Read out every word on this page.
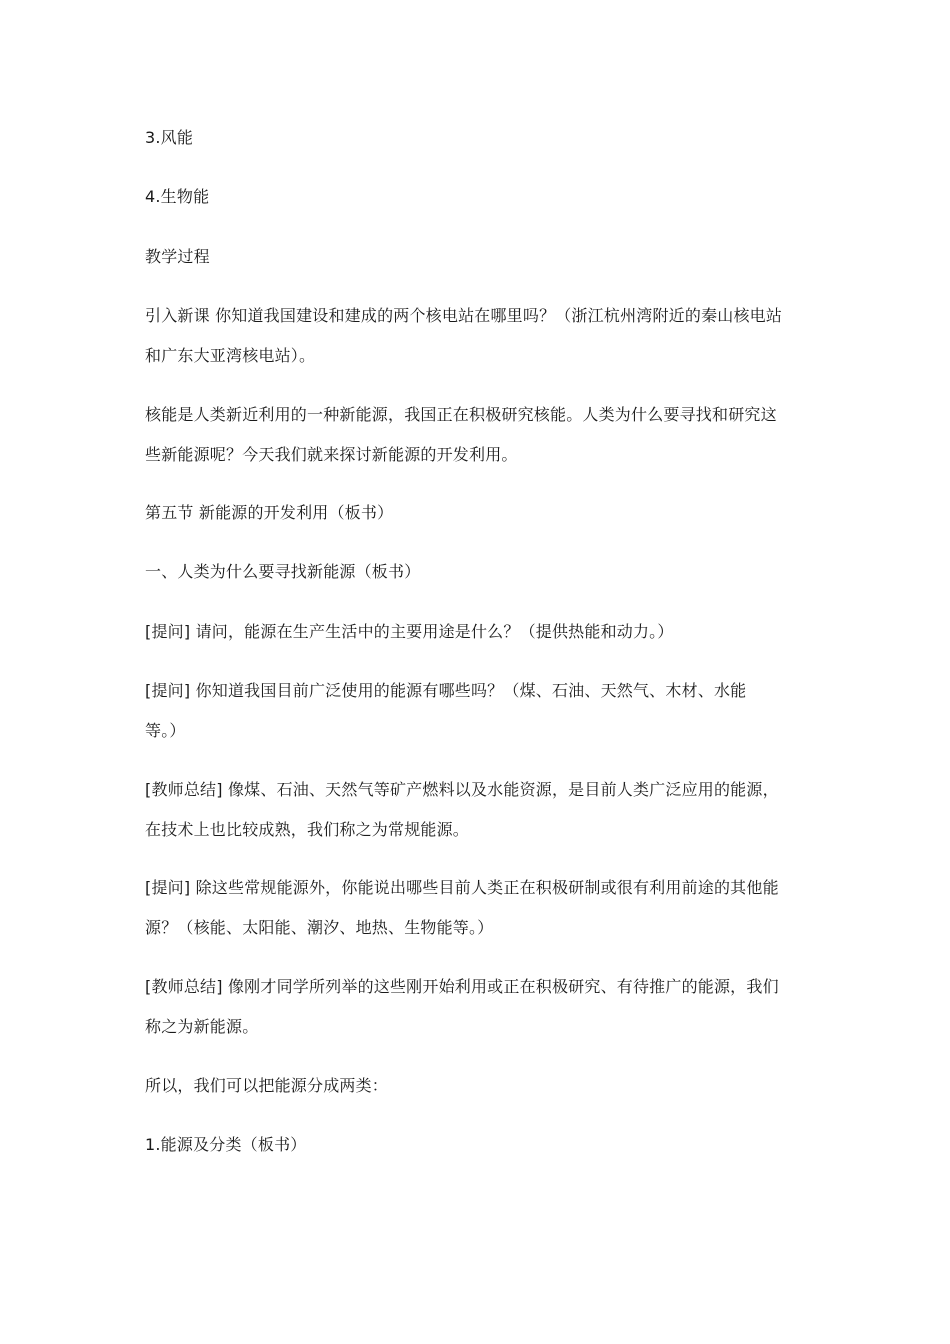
3.风能
4.生物能
教学过程
引入新课 你知道我国建设和建成的两个核电站在哪里吗？（浙江杭州湾附近的秦山核电站
和广东大亚湾核电站）。
核能是人类新近利用的一种新能源，我国正在积极研究核能。人类为什么要寻找和研究这
些新能源呢？今天我们就来探讨新能源的开发利用。
第五节 新能源的开发利用（板书）
一、人类为什么要寻找新能源（板书）
[提问] 请问，能源在生产生活中的主要用途是什么？（提供热能和动力。）
[提问] 你知道我国目前广泛使用的能源有哪些吗？（煤、石油、天然气、木材、水能
等。）
[教师总结] 像煤、石油、天然气等矿产燃料以及水能资源，是目前人类广泛应用的能源，
在技术上也比较成熟，我们称之为常规能源。
[提问] 除这些常规能源外，你能说出哪些目前人类正在积极研制或很有利用前途的其他能
源？（核能、太阳能、潮汐、地热、生物能等。）
[教师总结] 像刚才同学所列举的这些刚开始利用或正在积极研究、有待推广的能源，我们
称之为新能源。
所以，我们可以把能源分成两类：
1.能源及分类（板书）
